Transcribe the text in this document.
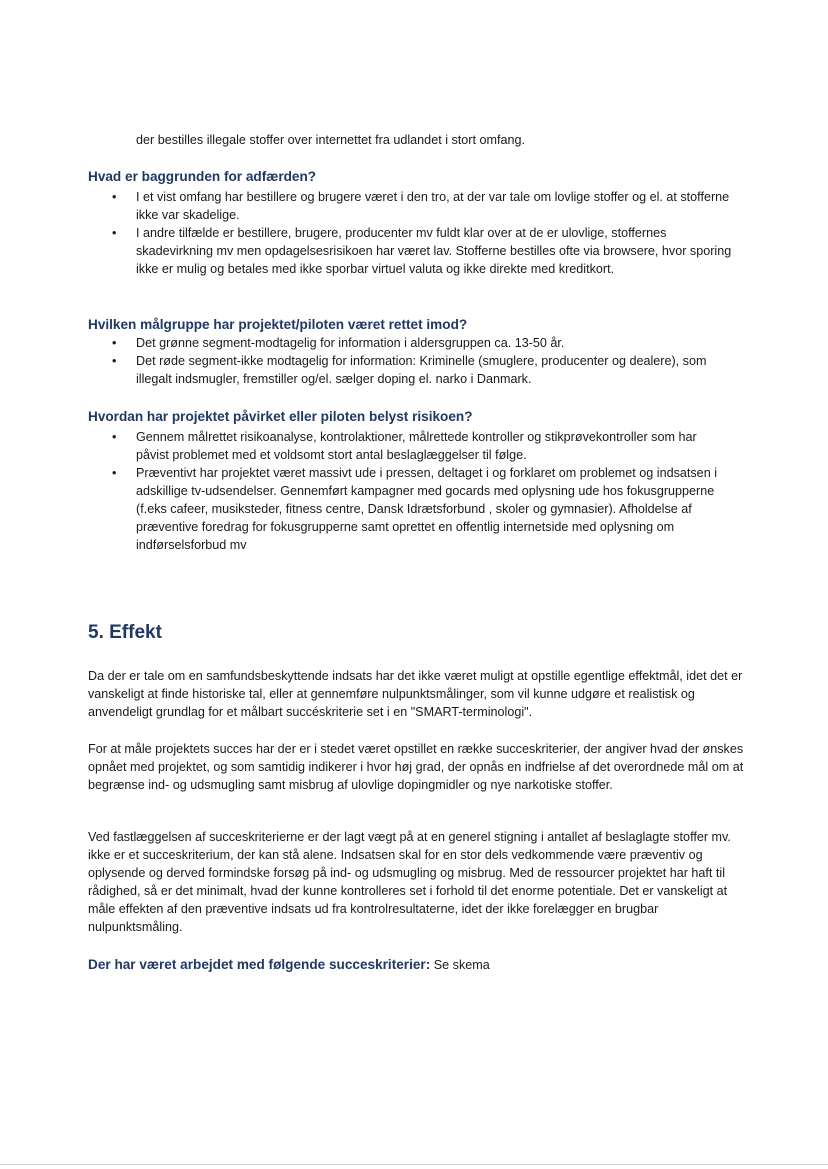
der bestilles illegale stoffer over internettet fra udlandet i stort omfang.

Hvad er baggrunden for adfærden?
• I et vist omfang har bestillere og brugere været i den tro, at der var tale om lovlige stoffer og el. at stofferne ikke var skadelige.
• I andre tilfælde er bestillere, brugere, producenter mv fuldt klar over at de er ulovlige, stoffernes skadevirkning mv men opdagelsesrisikoen har været lav. Stofferne bestilles ofte via browsere, hvor sporing ikke er mulig og betales med ikke sporbar virtuel valuta og ikke direkte med kreditkort.
Hvilken målgruppe har projektet/piloten været rettet imod?
• Det grønne segment-modtagelig for information i aldersgruppen ca. 13-50 år.
• Det røde segment-ikke modtagelig for information: Kriminelle (smuglere, producenter og dealere), som illegalt indsmugler, fremstiller og/el. sælger doping el. narko i Danmark.
Hvordan har projektet påvirket eller piloten belyst risikoen?
• Gennem målrettet risikoanalyse, kontrolaktioner, målrettede kontroller og stikprøvekontroller som har påvist problemet med et voldsomt stort antal beslaglæggelser til følge.
• Præventivt har projektet været massivt ude i pressen, deltaget i og forklaret om problemet og indsatsen i adskillige tv-udsendelser. Gennemført kampagner med gocards med oplysning ude hos fokusgrupperne (f.eks cafeer, musiksteder, fitness centre, Dansk Idrætsforbund , skoler og gymnasier). Afholdelse af præventive foredrag for fokusgrupperne samt oprettet en offentlig internetside med oplysning om indførselsforbud mv
5. Effekt

Da der er tale om en samfundsbeskyttende indsats har det ikke været muligt at opstille egentlige effektmål, idet det er vanskeligt at finde historiske tal, eller at gennemføre nulpunktsmålinger, som vil kunne udgøre et realistisk og anvendeligt grundlag for et målbart succéskriterie set i en "SMART-terminologi".

For at måle projektets succes har der er i stedet været opstillet en række succeskriterier, der angiver hvad der ønskes opnået med projektet, og som samtidig indikerer i hvor høj grad, der opnås en indfrielse af det overordnede mål om at begrænse ind- og udsmugling samt misbrug af ulovlige dopingmidler og nye narkotiske stoffer.

Ved fastlæggelsen af succeskriterierne er der lagt vægt på at en generel stigning i antallet af beslaglagte stoffer mv. ikke er et succeskriterium, der kan stå alene. Indsatsen skal for en stor dels vedkommende være præventiv og oplysende og derved formindske forsøg på ind- og udsmugling og misbrug. Med de ressourcer projektet har haft til rådighed, så er det minimalt, hvad der kunne kontrolleres set i forhold til det enorme potentiale. Det er vanskeligt at måle effekten af den præventive indsats ud fra kontrolresultaterne, idet der ikke forelægger en brugbar nulpunktsmåling.

Der har været arbejdet med følgende succeskriterier: Se skema
